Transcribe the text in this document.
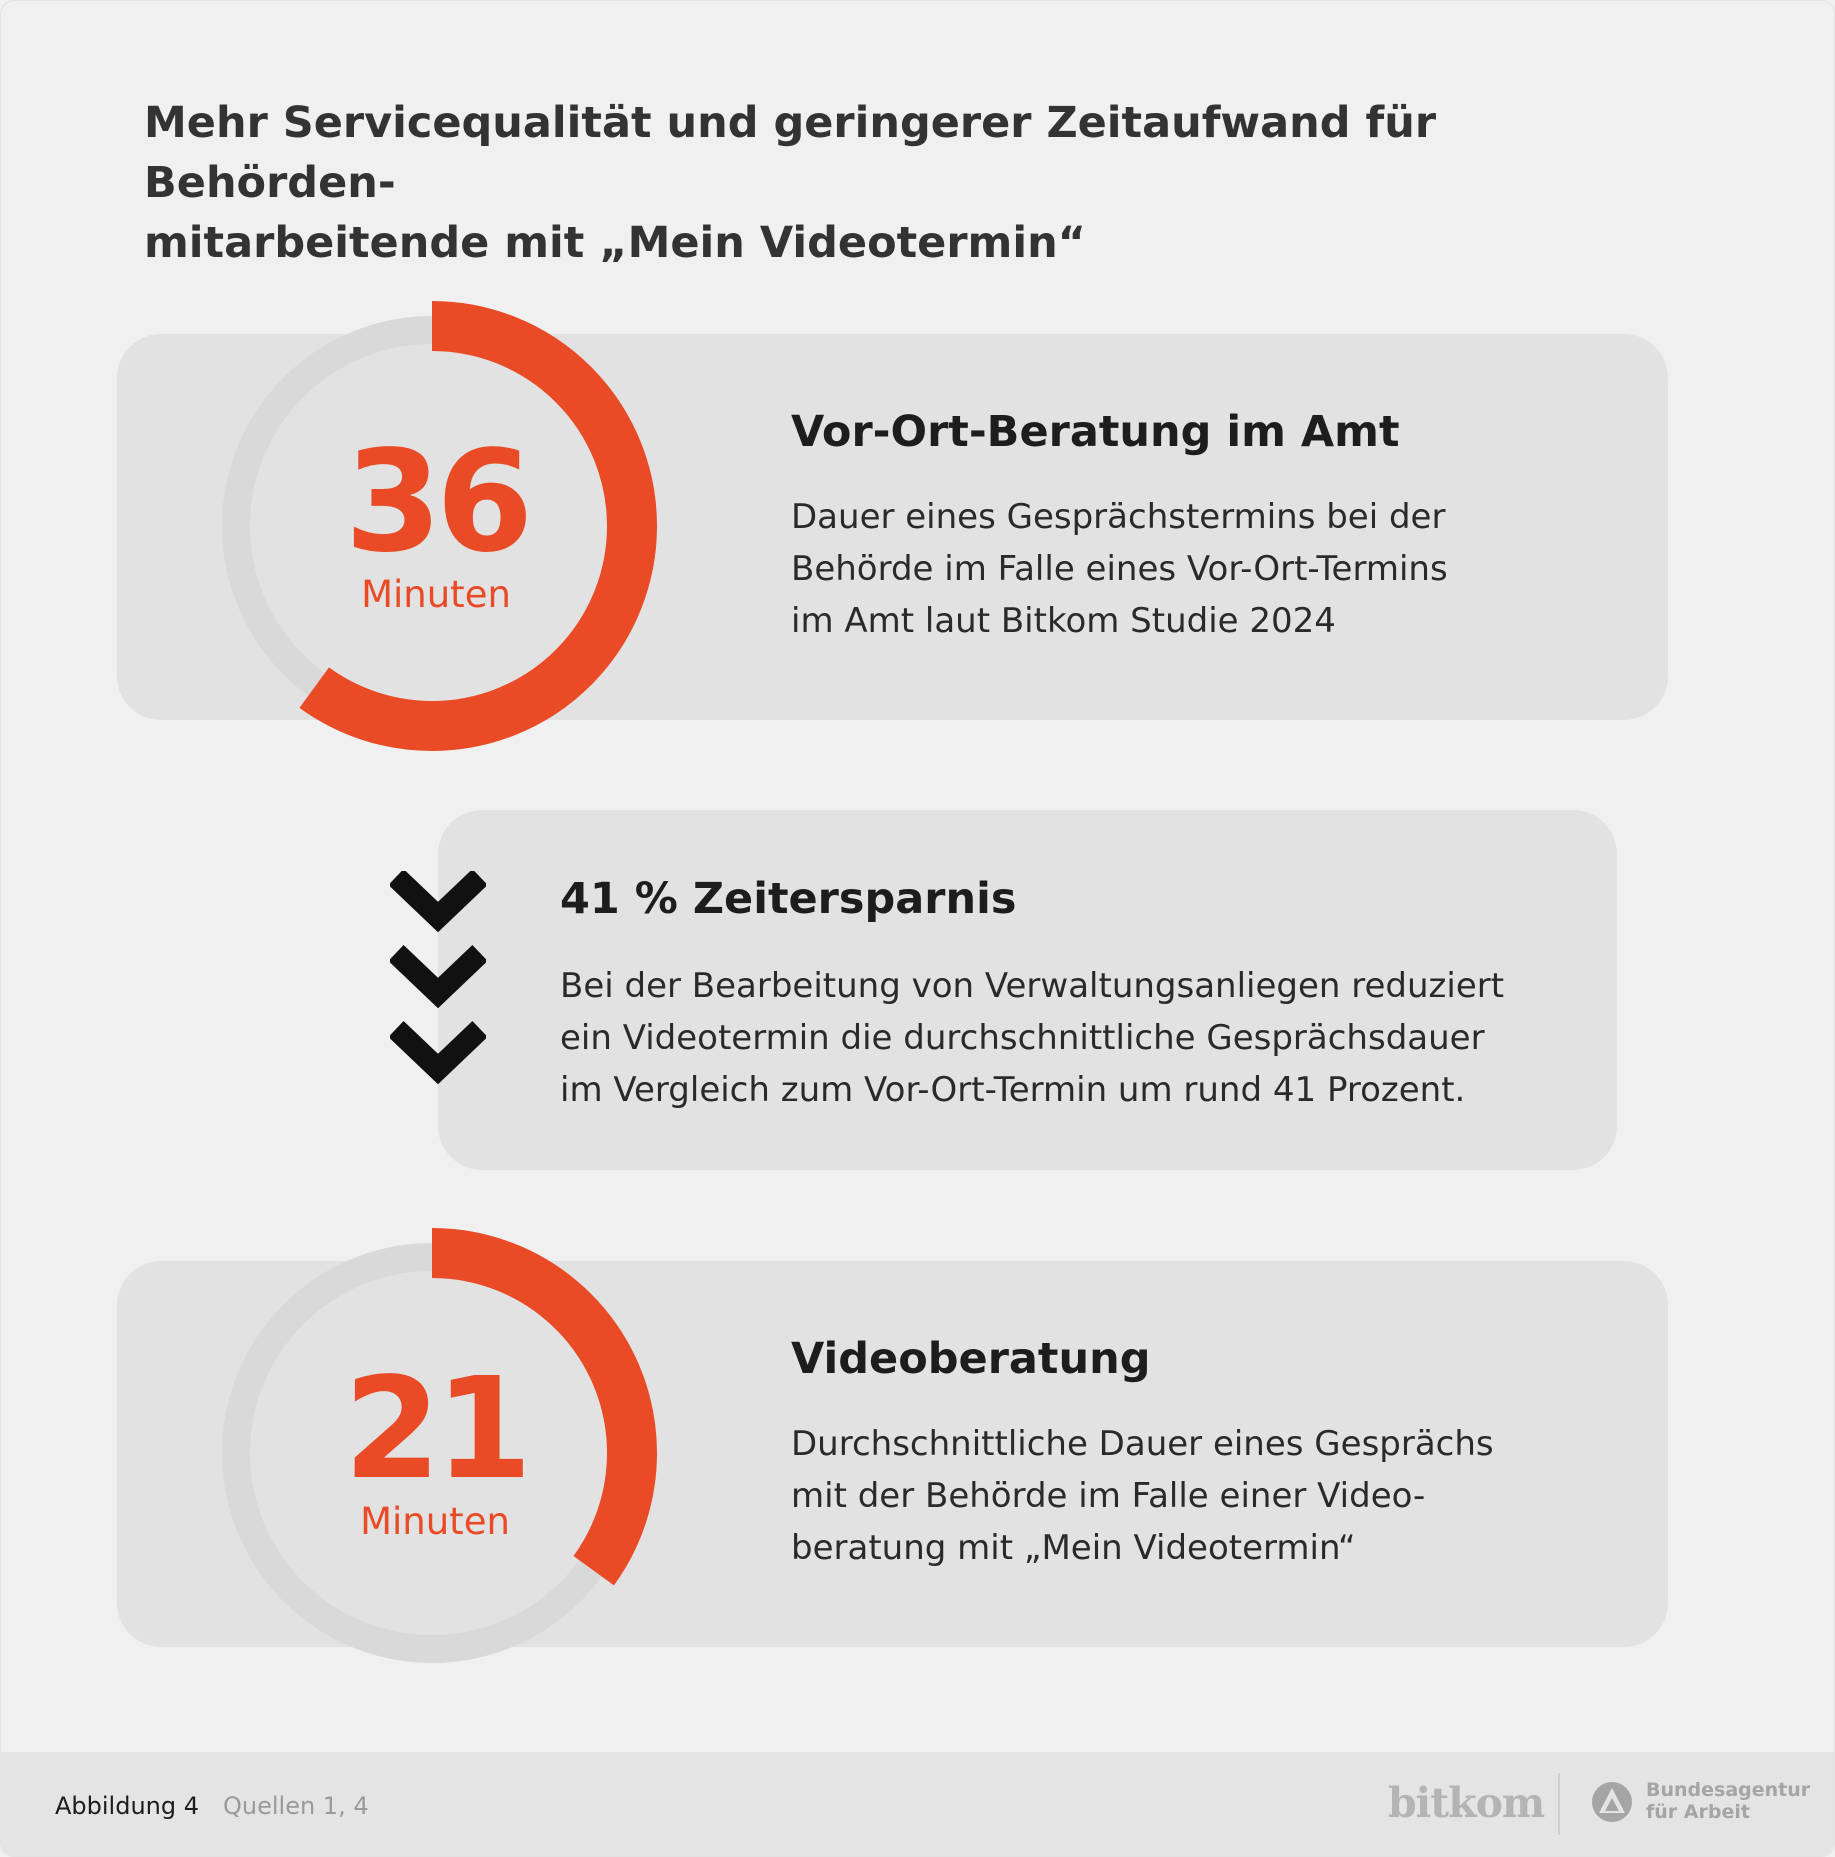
Mehr Servicequalität und geringerer Zeitaufwand für Behörden-
mitarbeitende mit „Mein Videotermin“
36
Minuten
Vor-Ort-Beratung im Amt

Dauer eines Gesprächstermins bei der
Behörde im Falle eines Vor-Ort-Termins
im Amt laut Bitkom Studie 2024

41 % Zeitersparnis

Bei der Bearbeitung von Verwaltungsanliegen reduziert
ein Videotermin die durchschnittliche Gesprächsdauer
im Vergleich zum Vor-Ort-Termin um rund 41 Prozent.

21
Minuten
Videoberatung

Durchschnittliche Dauer eines Gesprächs
mit der Behörde im Falle einer Video-
beratung mit „Mein Videotermin“

Abbildung 4 Quellen 1, 4	bitkom	Bundesagentur
für Arbeit
